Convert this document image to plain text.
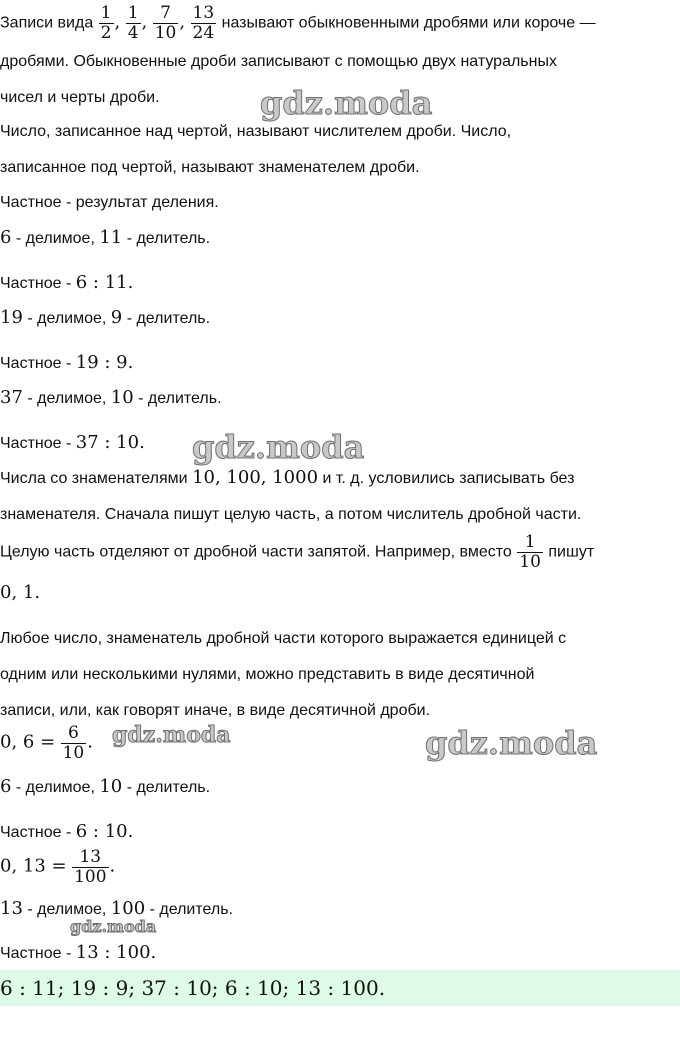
Записи вида $\frac{1}{2}$ , $\frac{1}{4}$ , $\frac{7}{10}$ , $\frac{13}{24}$ называют обыкновенными дробями или короче —
дробями. Обыкновенные дроби записывают с помощью двух натуральных
чисел и черты дроби.
Число, записанное над чертой, называют числителем дроби. Число,
записанное под чертой, называют знаменателем дроби.
Частное - результат деления.
6 - делимое, 11 - делитель.
Частное - 6 : 11.
19 - делимое, 9 - делитель.
Частное - 19 : 9.
37 - делимое, 10 - делитель.
Частное - 37 : 10.
Числа со знаменателями 10, 100, 1000 и т. д. условились записывать без
знаменателя. Сначала пишут целую часть, а потом числитель дробной части.
Целую часть отделяют от дробной части запятой. Например, вместо $\frac{1}{10}$ пишут
0, 1.
Любое число, знаменатель дробной части которого выражается единицей с
одним или несколькими нулями, можно представить в виде десятичной
записи, или, как говорят иначе, в виде десятичной дроби.
0, $6 = \frac{6}{10}$ .
6 - делимое, 10 - делитель.
Частное - 6 : 10.
0, $13 = \frac{13}{100}$ .
13 - делимое, 100 - делитель.
Частное - 13 : 100.
6 : 11; 19 : 9; 37 : 10; 6 : 10; 13 : 100.
gdz.moda
gdz.moda
gdz.moda	gdz.moda
gdz.moda
